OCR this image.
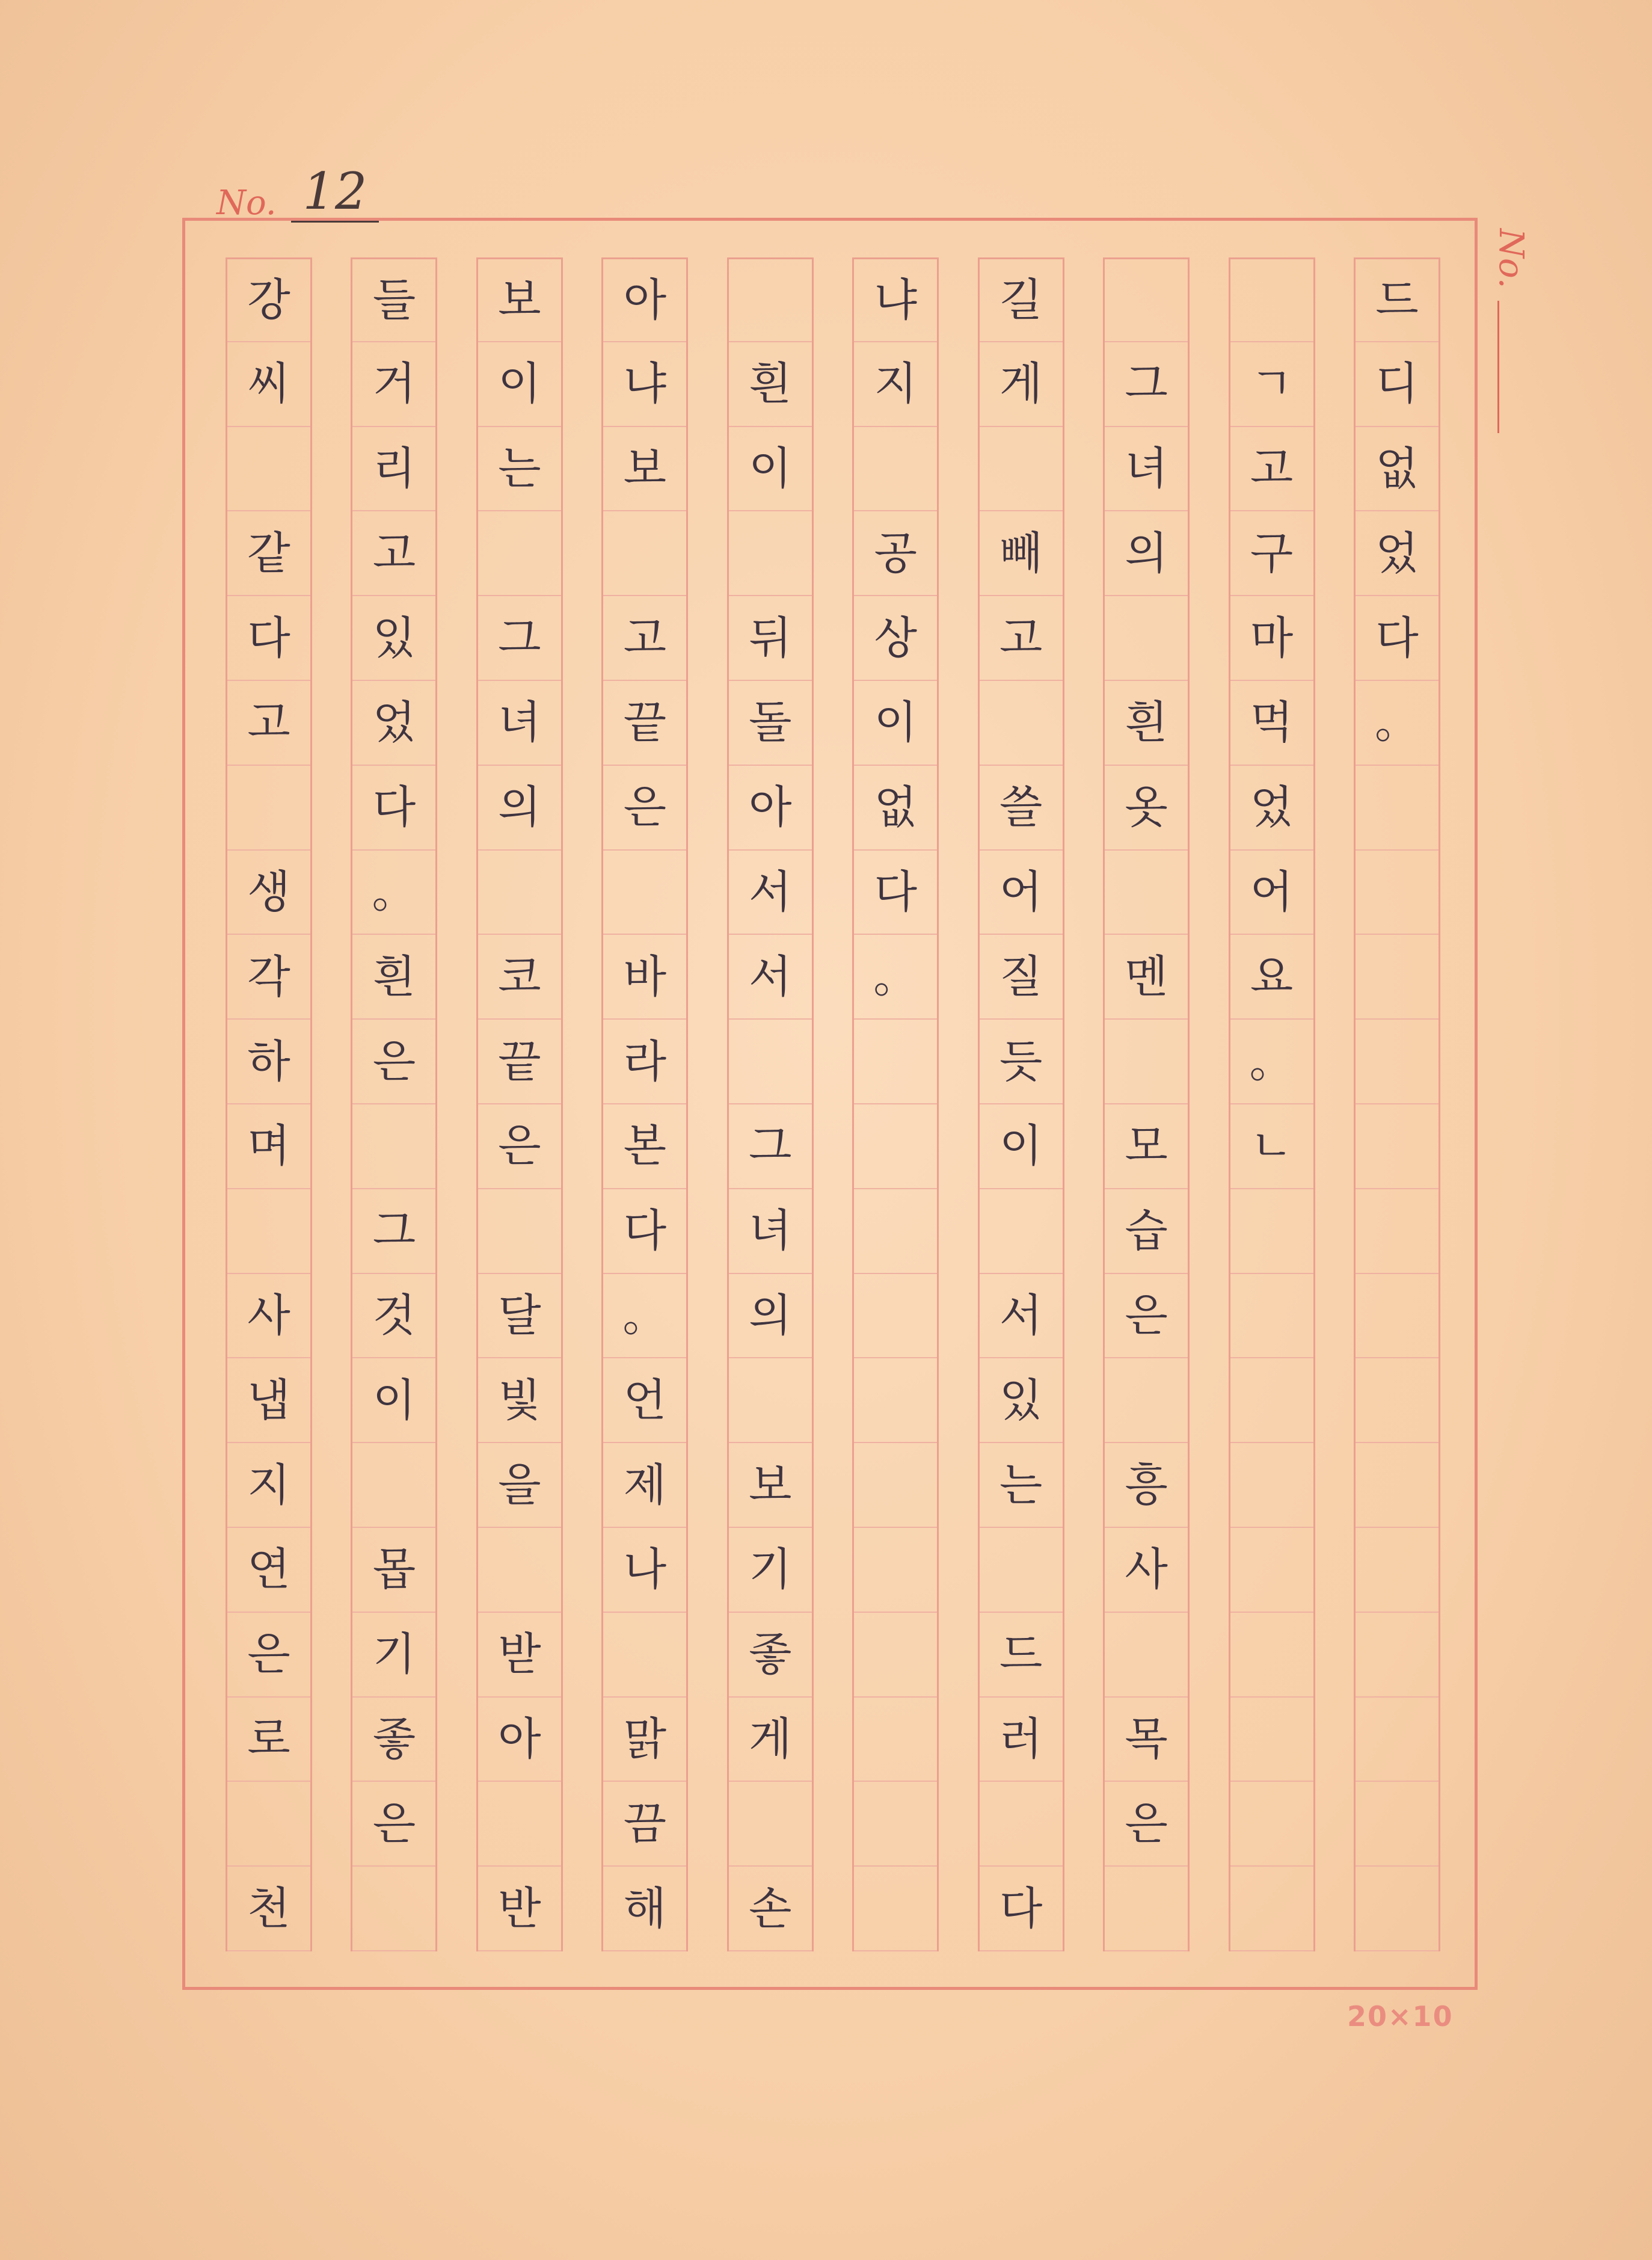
No. 12
No.
드
디
없
었
다
。
ㄱ
고
구
마
먹
었
어
요
。
ㄴ
그
녀
의
흰
옷
멘
모
습
은
흥
사
목
은
길
게
빼
고
쓸
어
질
듯
이
서
있
는
드
러
다
냐
지
공
상
이
없
다
。
흰
이
뒤
돌
아
서
서
그
녀
의
보
기
좋
게
손
아
냐
보
고
끝
은
바
라
본
다
。
언
제
나
맑
끔
해
보
이
는
그
녀
의
코
끝
은
달
빛
을
받
아
반
들
거
리
고
있
었
다
。
흰
은
그
것
이
몹
기
좋
은
강
씨
같
다
고
생
각
하
며
사
냅
지
연
은
로
천
20×10
